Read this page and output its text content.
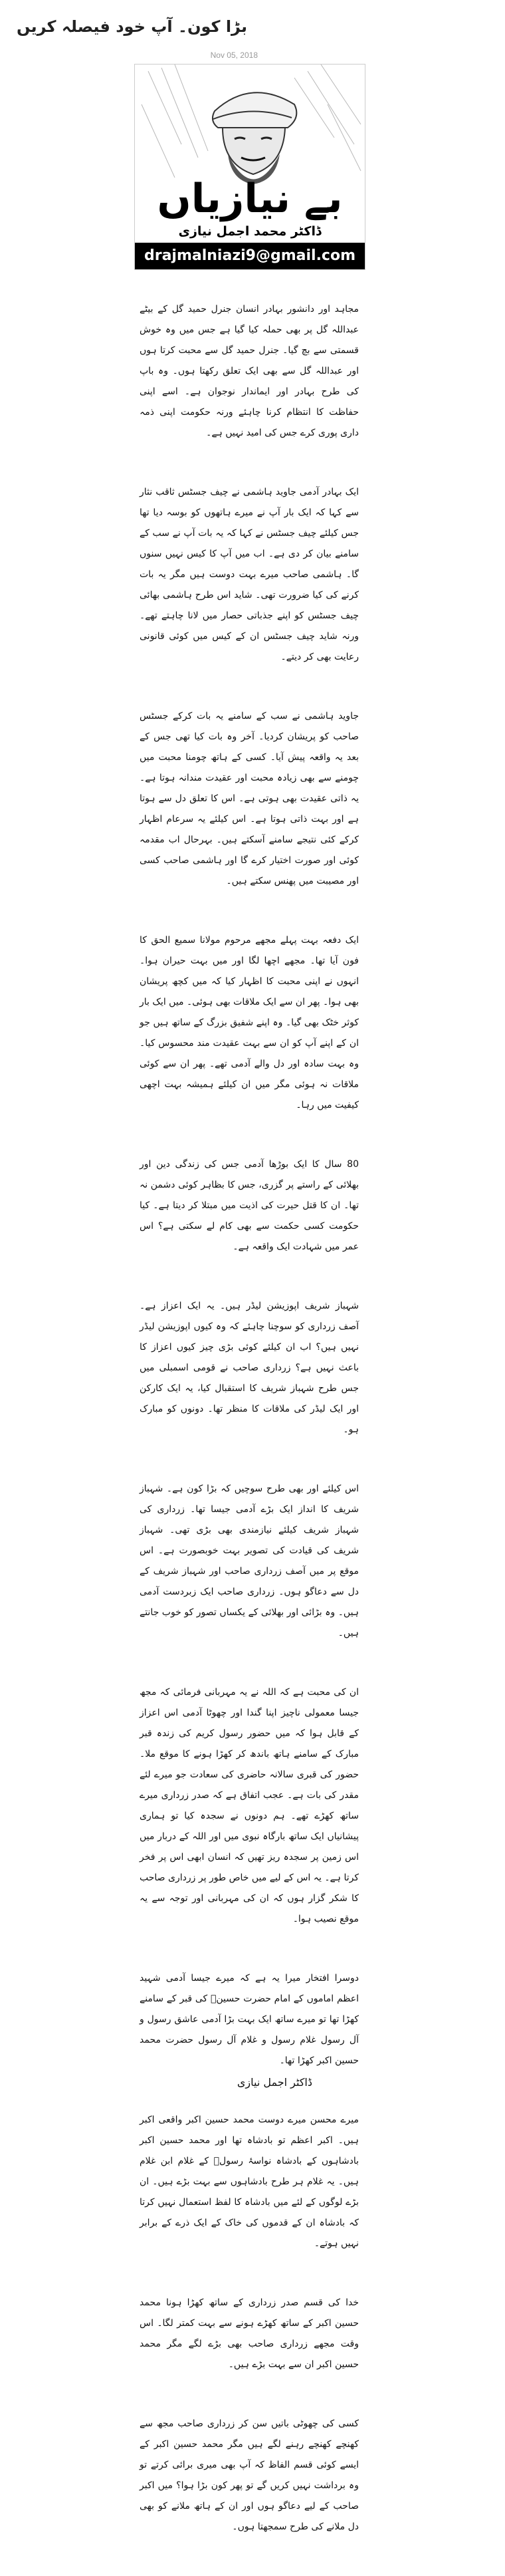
بڑا کون۔ آپ خود فیصلہ کریں
Nov 05, 2018
بے نیازیاں
ڈاکٹر محمد اجمل نیازی
drajmalniazi9@gmail.com

مجاہد اور دانشور بہادر انسان جنرل حمید گل کے بیٹے عبداللہ گل پر بھی حملہ کیا گیا ہے جس میں وہ خوش قسمتی سے بچ گیا۔ جنرل حمید گل سے محبت کرتا ہوں اور عبداللہ گل سے بھی ایک تعلق رکھتا ہوں۔ وہ باپ کی طرح بہادر اور ایماندار نوجوان ہے۔ اسے اپنی حفاظت کا انتظام کرنا چاہئے ورنہ حکومت اپنی ذمہ داری پوری کرے جس کی امید نہیں ہے۔

ایک بہادر آدمی جاوید ہاشمی نے چیف جسٹس ثاقب نثار سے کہا کہ ایک بار آپ نے میرے ہاتھوں کو بوسہ دیا تھا جس کیلئے چیف جسٹس نے کہا کہ یہ بات آپ نے سب کے سامنے بیان کر دی ہے۔ اب میں آپ کا کیس نہیں سنوں گا۔ ہاشمی صاحب میرے بہت دوست ہیں مگر یہ بات کرنے کی کیا ضرورت تھی۔ شاید اس طرح ہاشمی بھائی چیف جسٹس کو اپنے جذباتی حصار میں لانا چاہتے تھے۔ ورنہ شاید چیف جسٹس ان کے کیس میں کوئی قانونی رعایت بھی کر دیتے۔

جاوید ہاشمی نے سب کے سامنے یہ بات کرکے جسٹس صاحب کو پریشان کردیا۔ آخر وہ بات کیا تھی جس کے بعد یہ واقعہ پیش آیا۔ کسی کے ہاتھ چومنا محبت میں چومنے سے بھی زیادہ محبت اور عقیدت مندانہ ہوتا ہے۔ یہ ذاتی عقیدت بھی ہوتی ہے۔ اس کا تعلق دل سے ہوتا ہے اور بہت ذاتی ہوتا ہے۔ اس کیلئے یہ سرعام اظہار کرکے کئی نتیجے سامنے آسکتے ہیں۔ بہرحال اب مقدمہ کوئی اور صورت اختیار کرے گا اور ہاشمی صاحب کسی اور مصیبت میں پھنس سکتے ہیں۔

ایک دفعہ بہت پہلے مجھے مرحوم مولانا سمیع الحق کا فون آیا تھا۔ مجھے اچھا لگا اور میں بہت حیران ہوا۔ انہوں نے اپنی محبت کا اظہار کیا کہ میں کچھ پریشان بھی ہوا۔ پھر ان سے ایک ملاقات بھی ہوئی۔ میں ایک بار کوثر خٹک بھی گیا۔ وہ اپنے شفیق بزرگ کے ساتھ ہیں جو ان کے اپنے آپ کو ان سے بہت عقیدت مند محسوس کیا۔ وہ بہت سادہ اور دل والے آدمی تھے۔ پھر ان سے کوئی ملاقات نہ ہوئی مگر میں ان کیلئے ہمیشہ بہت اچھی کیفیت میں رہا۔

80 سال کا ایک بوڑھا آدمی جس کی زندگی دین اور بھلائی کے راستے پر گزری، جس کا بظاہر کوئی دشمن نہ تھا۔ ان کا قتل حیرت کی اذیت میں مبتلا کر دیتا ہے۔ کیا حکومت کسی حکمت سے بھی کام لے سکتی ہے؟ اس عمر میں شہادت ایک واقعہ ہے۔

شہباز شریف اپوزیشن لیڈر ہیں۔ یہ ایک اعزاز ہے۔ آصف زرداری کو سوچنا چاہئے کہ وہ کیوں اپوزیشن لیڈر نہیں ہیں؟ اب ان کیلئے کوئی بڑی چیز کیوں اعزاز کا باعث نہیں ہے؟ زرداری صاحب نے قومی اسمبلی میں جس طرح شہباز شریف کا استقبال کیا، یہ ایک کارکن اور ایک لیڈر کی ملاقات کا منظر تھا۔ دونوں کو مبارک ہو۔

اس کیلئے اور بھی طرح سوچیں کہ بڑا کون ہے۔ شہباز شریف کا انداز ایک بڑے آدمی جیسا تھا۔ زرداری کی شہباز شریف کیلئے نیازمندی بھی بڑی تھی۔ شہباز شریف کی قیادت کی تصویر بہت خوبصورت ہے۔ اس موقع پر میں آصف زرداری صاحب اور شہباز شریف کے دل سے دعاگو ہوں۔ زرداری صاحب ایک زبردست آدمی ہیں۔ وہ بڑائی اور بھلائی کے یکساں تصور کو خوب جانتے ہیں۔

ان کی محبت ہے کہ اللہ نے یہ مہربانی فرمائی کہ مجھ جیسا معمولی ناچیز اپنا گندا اور چھوٹا آدمی اس اعزاز کے قابل ہوا کہ میں حضور رسول کریم کی زندہ قبر مبارک کے سامنے ہاتھ باندھ کر کھڑا ہونے کا موقع ملا۔ حضور کی قبری سالانہ حاضری کی سعادت جو میرے لئے مقدر کی بات ہے۔ عجب اتفاق ہے کہ صدر زرداری میرے ساتھ کھڑے تھے۔ ہم دونوں نے سجدہ کیا تو ہماری پیشانیاں ایک ساتھ بارگاہ نبوی میں اور اللہ کے دربار میں اس زمین پر سجدہ ریز تھیں کہ انسان ابھی اس پر فخر کرتا ہے۔ یہ اس کے لیے میں خاص طور پر زرداری صاحب کا شکر گزار ہوں کہ ان کی مہربانی اور توجہ سے یہ موقع نصیب ہوا۔

دوسرا افتخار میرا یہ ہے کہ میرے جیسا آدمی شہید اعظم اماموں کے امام حضرت حسینؑ کی قبر کے سامنے کھڑا تھا تو میرے ساتھ ایک بہت بڑا آدمی عاشق رسول و آل رسول غلام رسول و غلام آل رسول حضرت محمد حسین اکبر کھڑا تھا۔

میرے محسن میرے دوست محمد حسین اکبر واقعی اکبر ہیں۔ اکبر اعظم تو بادشاہ تھا اور محمد حسین اکبر بادشاہوں کے بادشاہ نواسۂ رسولؐ کے غلام ابن غلام ہیں۔ یہ غلام ہر طرح بادشاہوں سے بہت بڑے ہیں۔ ان بڑے لوگوں کے لئے میں بادشاہ کا لفظ استعمال نہیں کرتا کہ بادشاہ ان کے قدموں کی خاک کے ایک ذرے کے برابر نہیں ہوتے۔

خدا کی قسم صدر زرداری کے ساتھ کھڑا ہونا محمد حسین اکبر کے ساتھ کھڑے ہونے سے بہت کمتر لگا۔ اس وقت مجھے زرداری صاحب بھی بڑے لگے مگر محمد حسین اکبر ان سے بہت بڑے ہیں۔

کسی کی چھوٹی باتیں سن کر زرداری صاحب مجھ سے کھنچے کھنچے رہنے لگے ہیں مگر محمد حسین اکبر کے ایسے کوئی قسم الفاظ کہ آپ بھی میری برائی کرتے تو وہ برداشت نہیں کریں گے تو پھر کون بڑا ہوا؟ میں اکبر صاحب کے لیے دعاگو ہوں اور ان کے ہاتھ ملانے کو بھی دل ملانے کی طرح سمجھتا ہوں۔

ڈاکٹر اجمل نیازی
